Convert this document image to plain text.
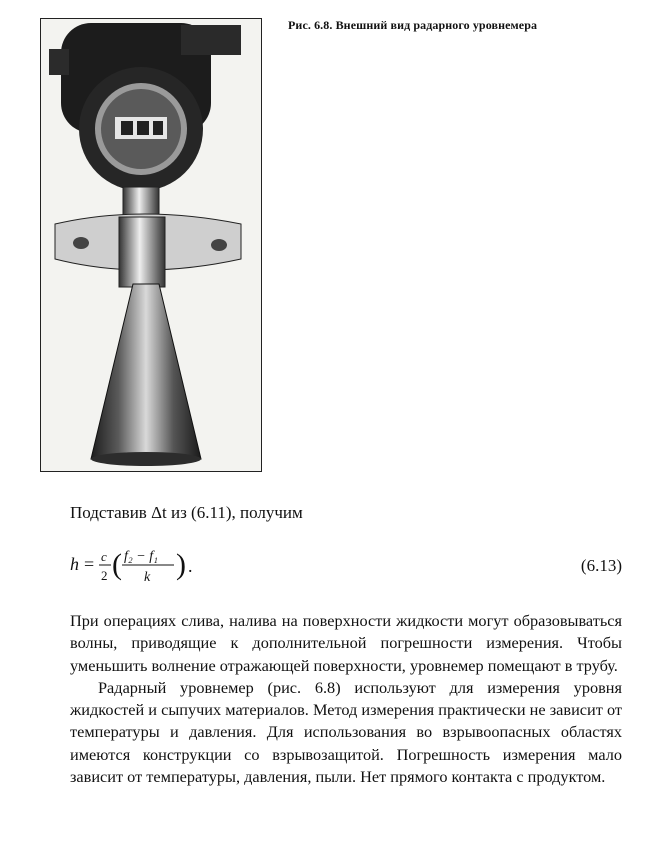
Рис. 6.8. Внешний вид радарного уровнемера
Подставив Δt из (6.11), получим
h = c
2 ( f₂ − f₁
k ) .	(6.13)

При операциях слива, налива на поверхности жидкости могут образовываться волны, приводящие к дополнительной погрешности измерения. Чтобы уменьшить волнение отражающей поверхности, уровнемер помещают в трубу.

Радарный уровнемер (рис. 6.8) используют для измерения уровня жидкостей и сыпучих материалов. Метод измерения практически не зависит от температуры и давления. Для использования во взрывоопасных областях имеются конструкции со взрывозащитой. Погрешность измерения мало зависит от температуры, давления, пыли. Нет прямого контакта с продуктом.
